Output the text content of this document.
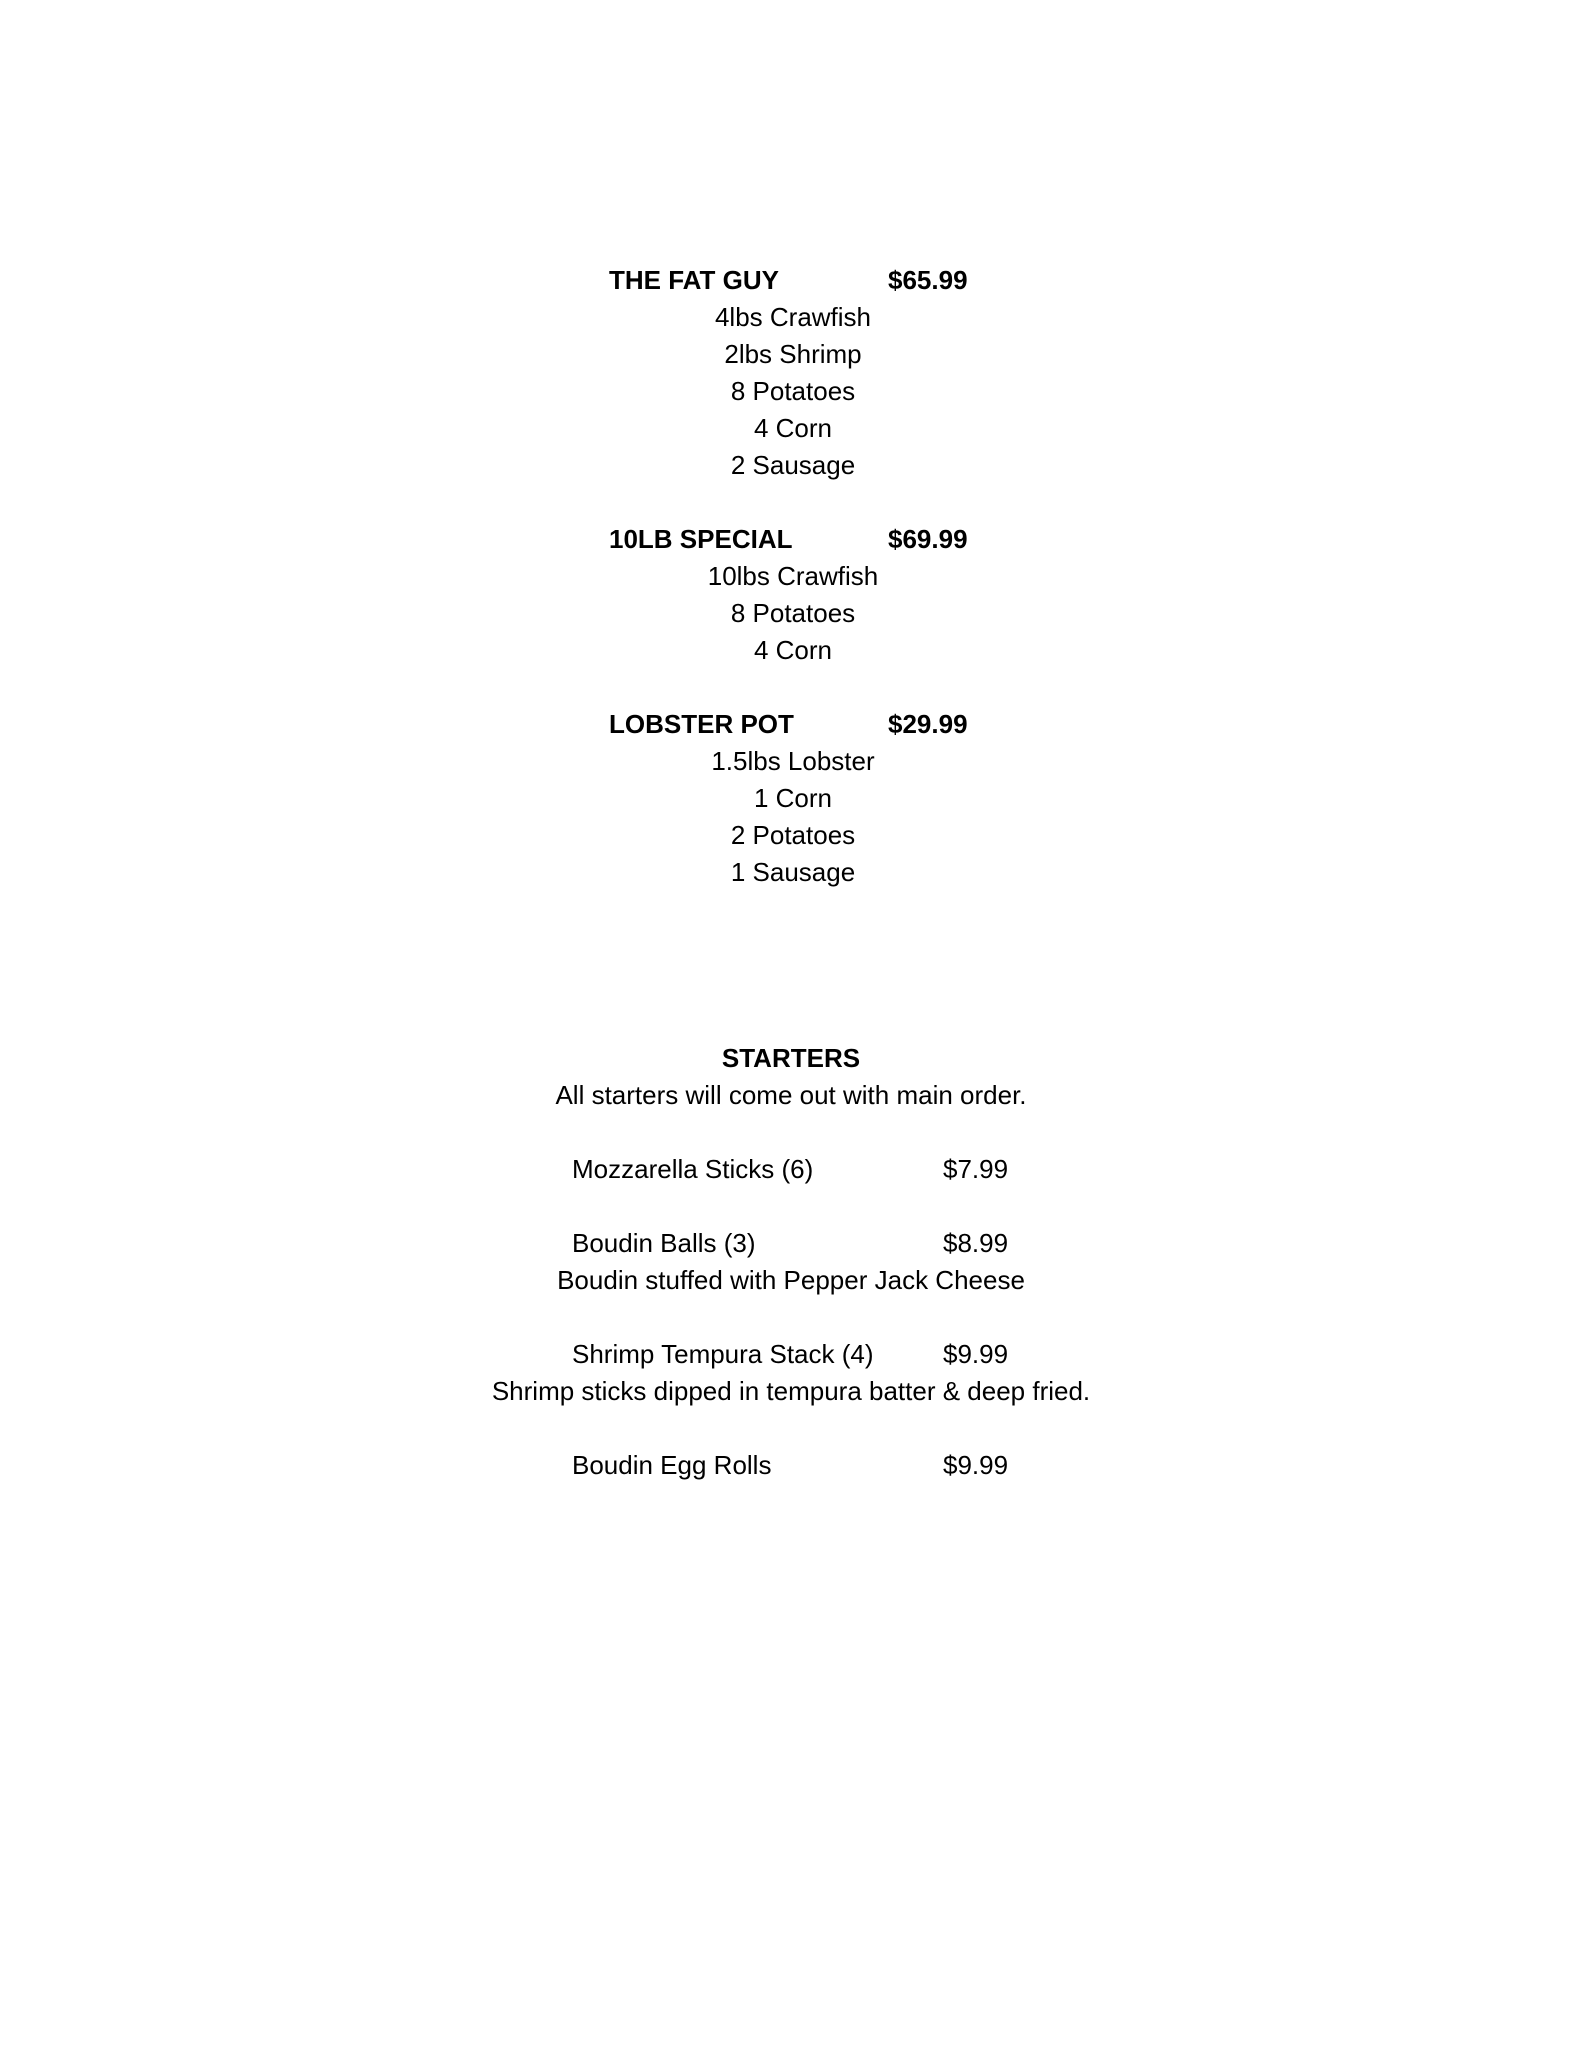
THE FAT GUY	$65.99
4lbs Crawfish
2lbs Shrimp
8 Potatoes
4 Corn
2 Sausage
10LB SPECIAL	$69.99
10lbs Crawfish
8 Potatoes
4 Corn
LOBSTER POT	$29.99
1.5lbs Lobster
1 Corn
2 Potatoes
1 Sausage
STARTERS
All starters will come out with main order.
Mozzarella Sticks (6)	$7.99
Boudin Balls (3)	$8.99
Boudin stuffed with Pepper Jack Cheese
Shrimp Tempura Stack (4)	$9.99
Shrimp sticks dipped in tempura batter & deep fried.
Boudin Egg Rolls	$9.99
